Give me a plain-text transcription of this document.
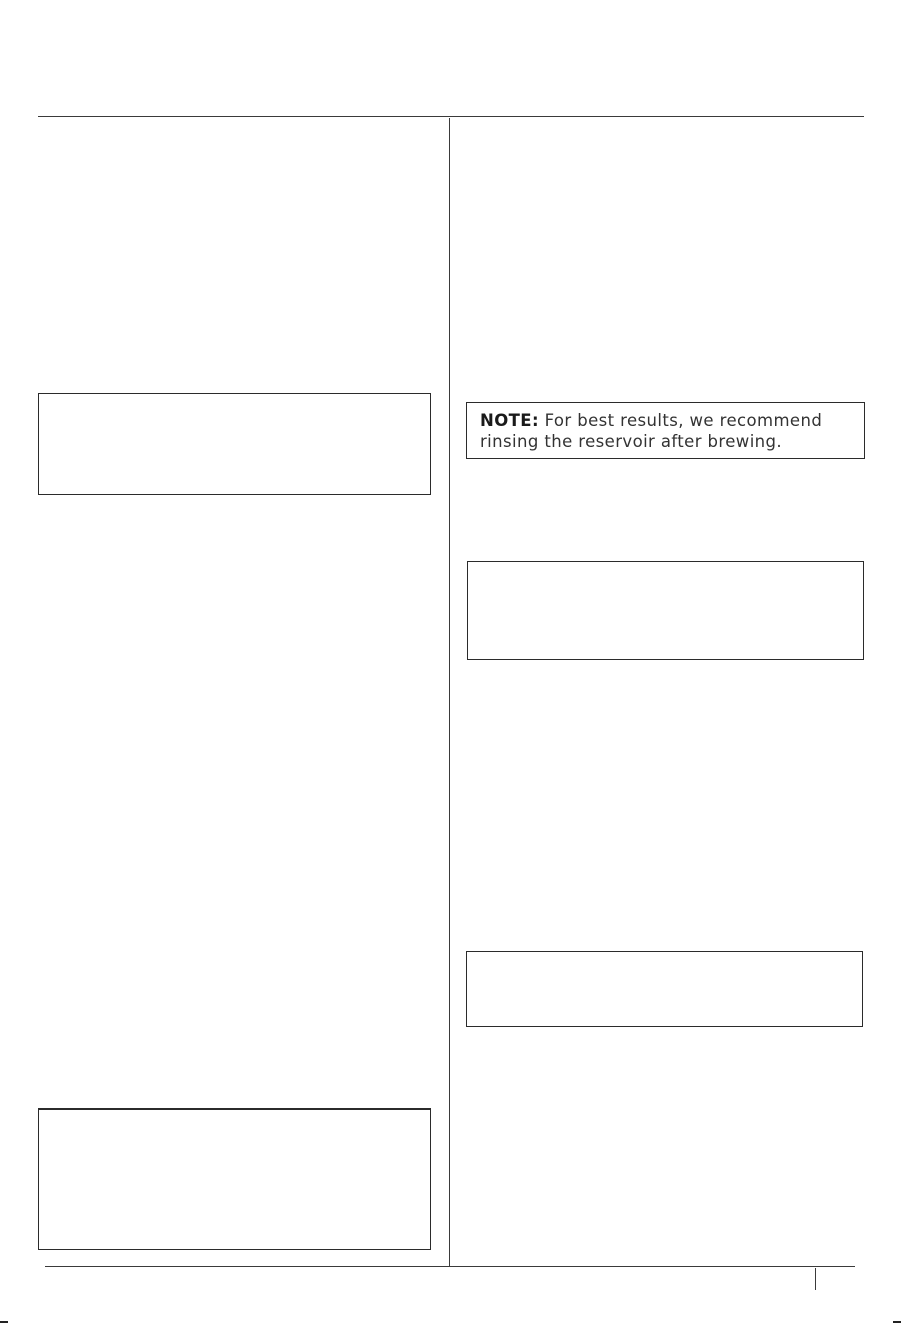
NOTE: For best results, we recommend rinsing the reservoir after brewing.
